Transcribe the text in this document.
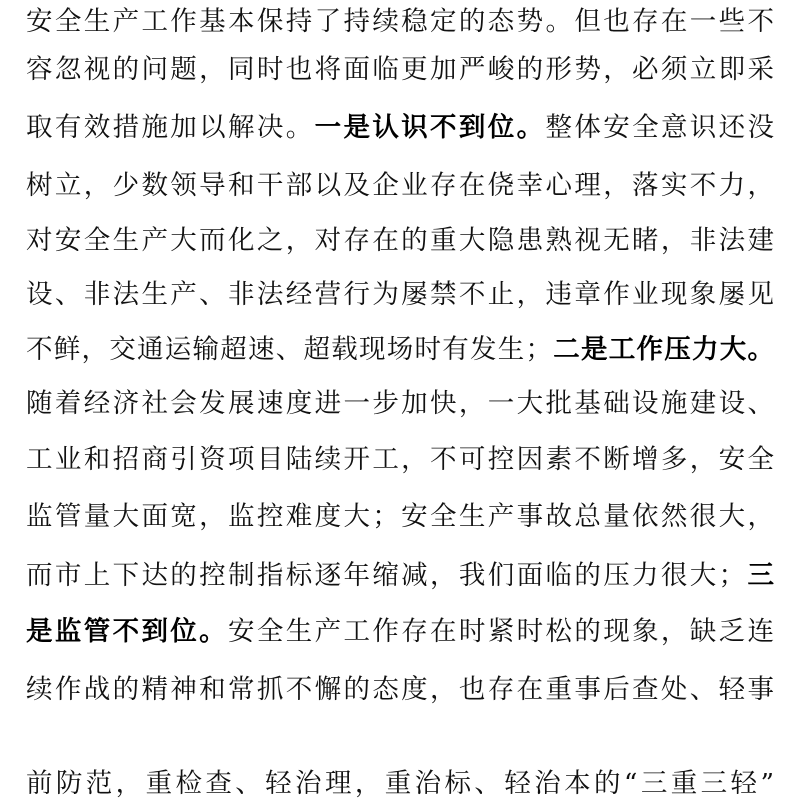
安全生产工作基本保持了持续稳定的态势。但也存在一些不
容忽视的问题，同时也将面临更加严峻的形势，必须立即采
取有效措施加以解决。一是认识不到位。整体安全意识还没
树立，少数领导和干部以及企业存在侥幸心理，落实不力，
对安全生产大而化之，对存在的重大隐患熟视无睹，非法建
设、非法生产、非法经营行为屡禁不止，违章作业现象屡见
不鲜，交通运输超速、超载现场时有发生；二是工作压力大。
随着经济社会发展速度进一步加快，一大批基础设施建设、
工业和招商引资项目陆续开工，不可控因素不断增多，安全
监管量大面宽，监控难度大；安全生产事故总量依然很大，
而市上下达的控制指标逐年缩减，我们面临的压力很大；三
是监管不到位。安全生产工作存在时紧时松的现象，缺乏连
续作战的精神和常抓不懈的态度，也存在重事后查处、轻事
前防范，重检查、轻治理，重治标、轻治本的“三重三轻”
